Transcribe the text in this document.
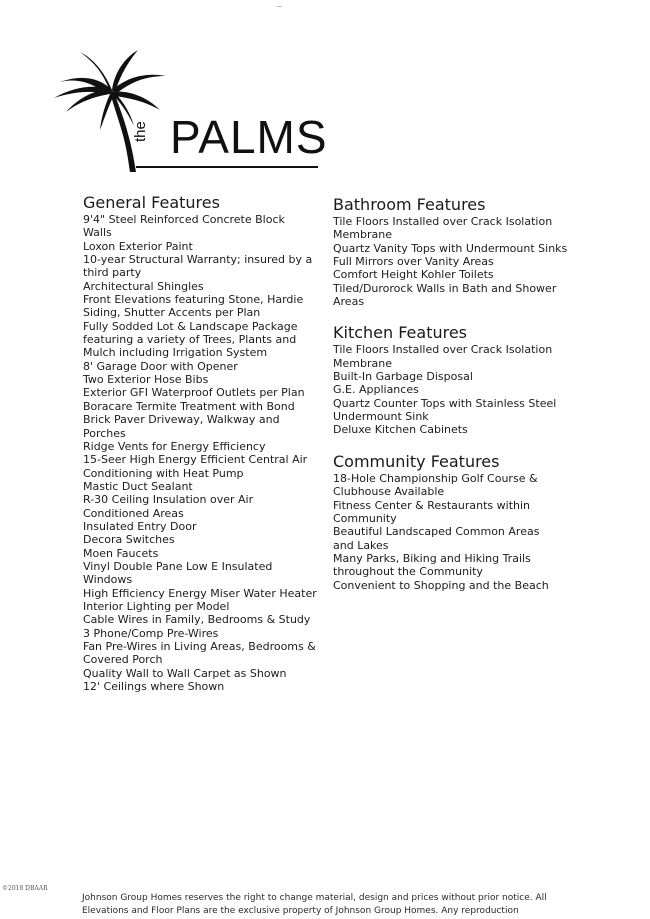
~
the PALMS
General Features
9'4" Steel Reinforced Concrete Block
Walls
Loxon Exterior Paint
10-year Structural Warranty; insured by a
third party
Architectural Shingles
Front Elevations featuring Stone, Hardie
Siding, Shutter Accents per Plan
Fully Sodded Lot & Landscape Package
featuring a variety of Trees, Plants and
Mulch including Irrigation System
8' Garage Door with Opener
Two Exterior Hose Bibs
Exterior GFI Waterproof Outlets per Plan
Boracare Termite Treatment with Bond
Brick Paver Driveway, Walkway and
Porches
Ridge Vents for Energy Efficiency
15-Seer High Energy Efficient Central Air
Conditioning with Heat Pump
Mastic Duct Sealant
R-30 Ceiling Insulation over Air
Conditioned Areas
Insulated Entry Door
Decora Switches
Moen Faucets
Vinyl Double Pane Low E Insulated
Windows
High Efficiency Energy Miser Water Heater
Interior Lighting per Model
Cable Wires in Family, Bedrooms & Study
3 Phone/Comp Pre-Wires
Fan Pre-Wires in Living Areas, Bedrooms &
Covered Porch
Quality Wall to Wall Carpet as Shown
12' Ceilings where Shown
Bathroom Features
Tile Floors Installed over Crack Isolation
Membrane
Quartz Vanity Tops with Undermount Sinks
Full Mirrors over Vanity Areas
Comfort Height Kohler Toilets
Tiled/Durorock Walls in Bath and Shower
Areas
Kitchen Features
Tile Floors Installed over Crack Isolation
Membrane
Built-In Garbage Disposal
G.E. Appliances
Quartz Counter Tops with Stainless Steel
Undermount Sink
Deluxe Kitchen Cabinets
Community Features
18-Hole Championship Golf Course &
Clubhouse Available
Fitness Center & Restaurants within
Community
Beautiful Landscaped Common Areas
and Lakes
Many Parks, Biking and Hiking Trails
throughout the Community
Convenient to Shopping and the Beach
©2018 DBAAR
Johnson Group Homes reserves the right to change material, design and prices without prior notice. All
Elevations and Floor Plans are the exclusive property of Johnson Group Homes. Any reproduction
